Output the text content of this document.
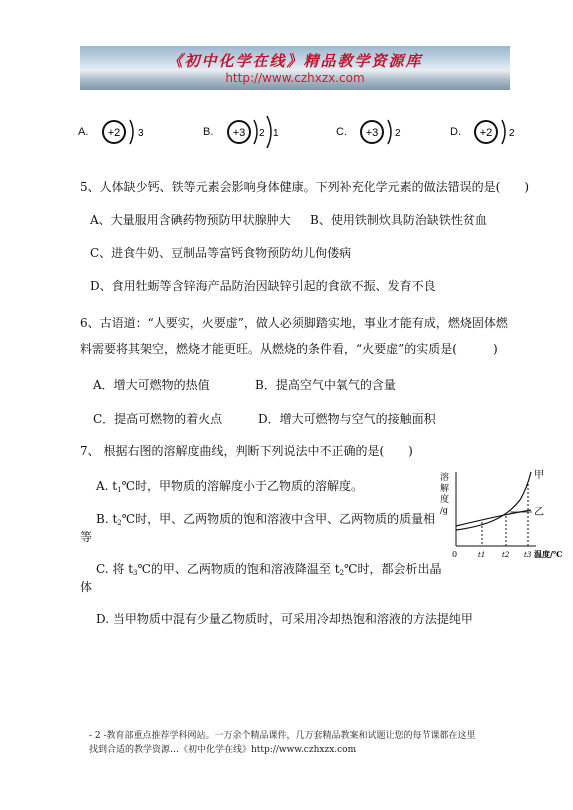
《初中化学在线》精品教学资源库
http://www.czhxzx.com
A. +2 3	B. +3 2 1	C. +3 2	D. +2 2
5、人体缺少钙、铁等元素会影响身体健康。下列补充化学元素的做法错误的是(　　)
A、大量服用含碘药物预防甲状腺肿大 B、使用铁制炊具防治缺铁性贫血
C、进食牛奶、豆制品等富钙食物预防幼儿佝偻病
D、食用牡蛎等含锌海产品防治因缺锌引起的食欲不振、发育不良
6、古语道：“人要实，火要虚”，做人必须脚踏实地，事业才能有成，燃烧固体燃
料需要将其架空，燃烧才能更旺。从燃烧的条件看，“火要虚”的实质是(　　　)
A．增大可燃物的热值	B．提高空气中氧气的含量
C．提高可燃物的着火点	D．增大可燃物与空气的接触面积
7、 根据右图的溶解度曲线，判断下列说法中不正确的是(　　)
A. $t_1℃$时，甲物质的溶解度小于乙物质的溶解度。
B. $t_2℃$时，甲、乙两物质的饱和溶液中含甲、乙两物质的质量相
等
C. 将 $t_3℃$的甲、乙两物质的饱和溶液降温至 $t_2℃$时，都会析出晶
体
D. 当甲物质中混有少量乙物质时，可采用冷却热饱和溶液的方法提纯甲
溶
解
度
/g
甲
乙
0	t1 t2 t3 温度/℃
- 2 -教育部重点推荐学科网站。一万余个精品课件，几万套精品教案和试题让您的每节课都在这里
找到合适的教学资源…《初中化学在线》http://www.czhxzx.com
